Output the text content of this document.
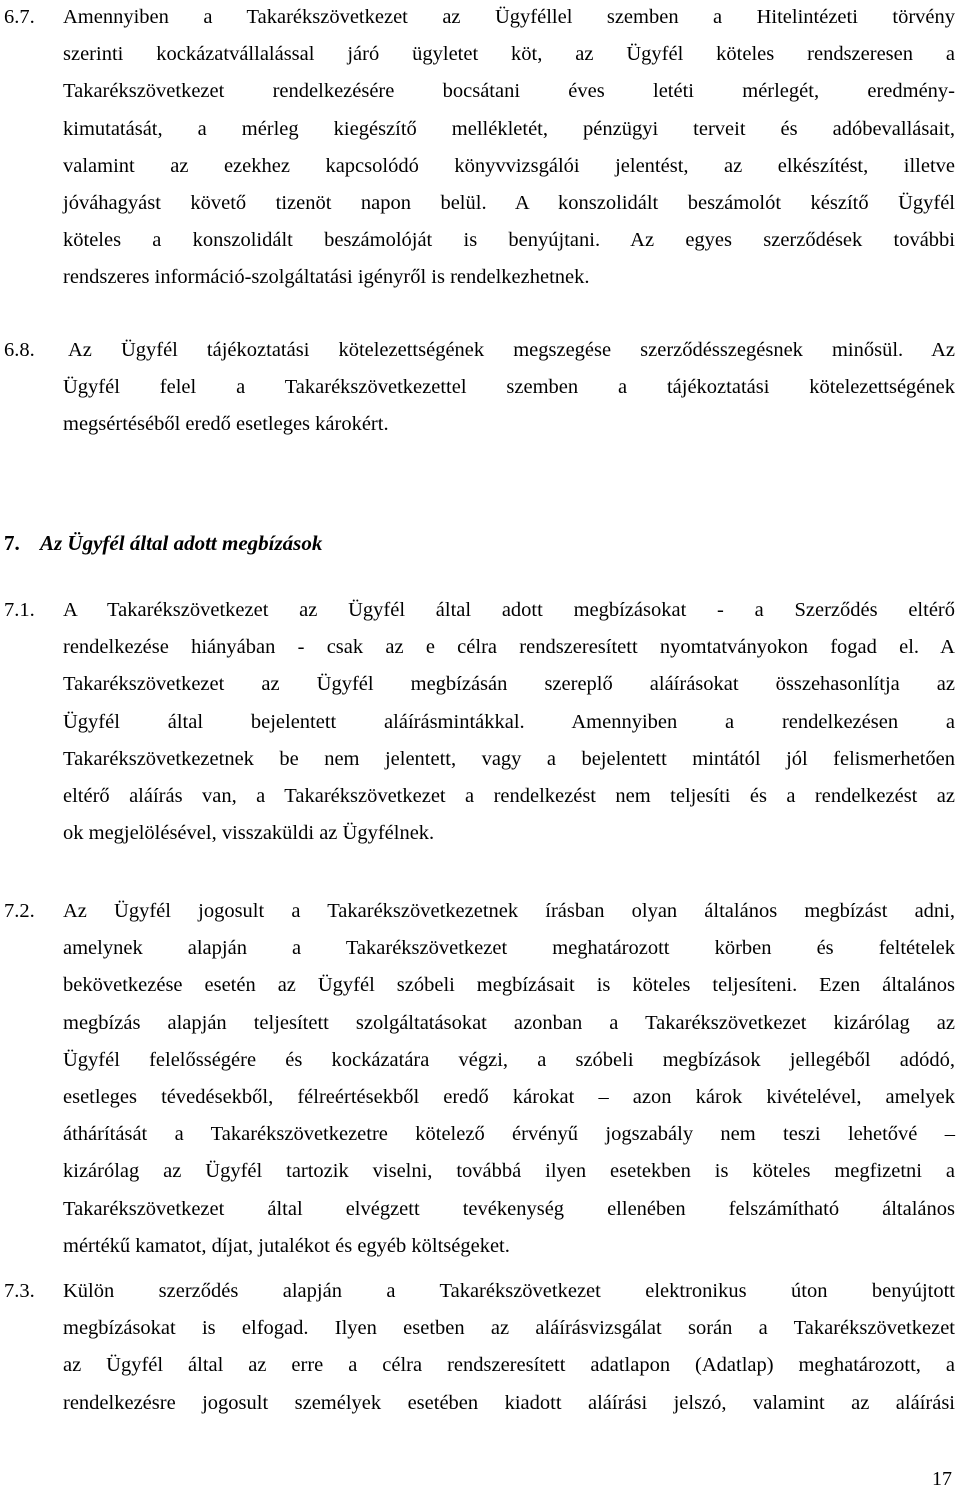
6.7. Amennyiben a Takarékszövetkezet az Ügyféllel szemben a Hitelintézeti törvény
szerinti kockázatvállalással járó ügyletet köt, az Ügyfél köteles rendszeresen a
Takarékszövetkezet rendelkezésére bocsátani éves letéti mérlegét, eredmény-
kimutatását, a mérleg kiegészítő mellékletét, pénzügyi terveit és adóbevallásait,
valamint az ezekhez kapcsolódó könyvvizsgálói jelentést, az elkészítést, illetve
jóváhagyást követő tizenöt napon belül. A konszolidált beszámolót készítő Ügyfél
köteles a konszolidált beszámolóját is benyújtani. Az egyes szerződések további
rendszeres információ-szolgáltatási igényről is rendelkezhetnek.
6.8. Az Ügyfél tájékoztatási kötelezettségének megszegése szerződésszegésnek minősül. Az
Ügyfél felel a Takarékszövetkezettel szemben a tájékoztatási kötelezettségének
megsértéséből eredő esetleges károkért.
7. Az Ügyfél által adott megbízások
7.1. A Takarékszövetkezet az Ügyfél által adott megbízásokat - a Szerződés eltérő
rendelkezése hiányában - csak az e célra rendszeresített nyomtatványokon fogad el. A
Takarékszövetkezet az Ügyfél megbízásán szereplő aláírásokat összehasonlítja az
Ügyfél által bejelentett aláírásmintákkal. Amennyiben a rendelkezésen a
Takarékszövetkezetnek be nem jelentett, vagy a bejelentett mintától jól felismerhetően
eltérő aláírás van, a Takarékszövetkezet a rendelkezést nem teljesíti és a rendelkezést az
ok megjelölésével, visszaküldi az Ügyfélnek.
7.2. Az Ügyfél jogosult a Takarékszövetkezetnek írásban olyan általános megbízást adni,
amelynek alapján a Takarékszövetkezet meghatározott körben és feltételek
bekövetkezése esetén az Ügyfél szóbeli megbízásait is köteles teljesíteni. Ezen általános
megbízás alapján teljesített szolgáltatásokat azonban a Takarékszövetkezet kizárólag az
Ügyfél felelősségére és kockázatára végzi, a szóbeli megbízások jellegéből adódó,
esetleges tévedésekből, félreértésekből eredő károkat – azon károk kivételével, amelyek
áthárítását a Takarékszövetkezetre kötelező érvényű jogszabály nem teszi lehetővé –
kizárólag az Ügyfél tartozik viselni, továbbá ilyen esetekben is köteles megfizetni a
Takarékszövetkezet által elvégzett tevékenység ellenében felszámítható általános
mértékű kamatot, díjat, jutalékot és egyéb költségeket.
7.3. Külön szerződés alapján a Takarékszövetkezet elektronikus úton benyújtott
megbízásokat is elfogad. Ilyen esetben az aláírásvizsgálat során a Takarékszövetkezet
az Ügyfél által az erre a célra rendszeresített adatlapon (Adatlap) meghatározott, a
rendelkezésre jogosult személyek esetében kiadott aláírási jelszó, valamint az aláírási
17
